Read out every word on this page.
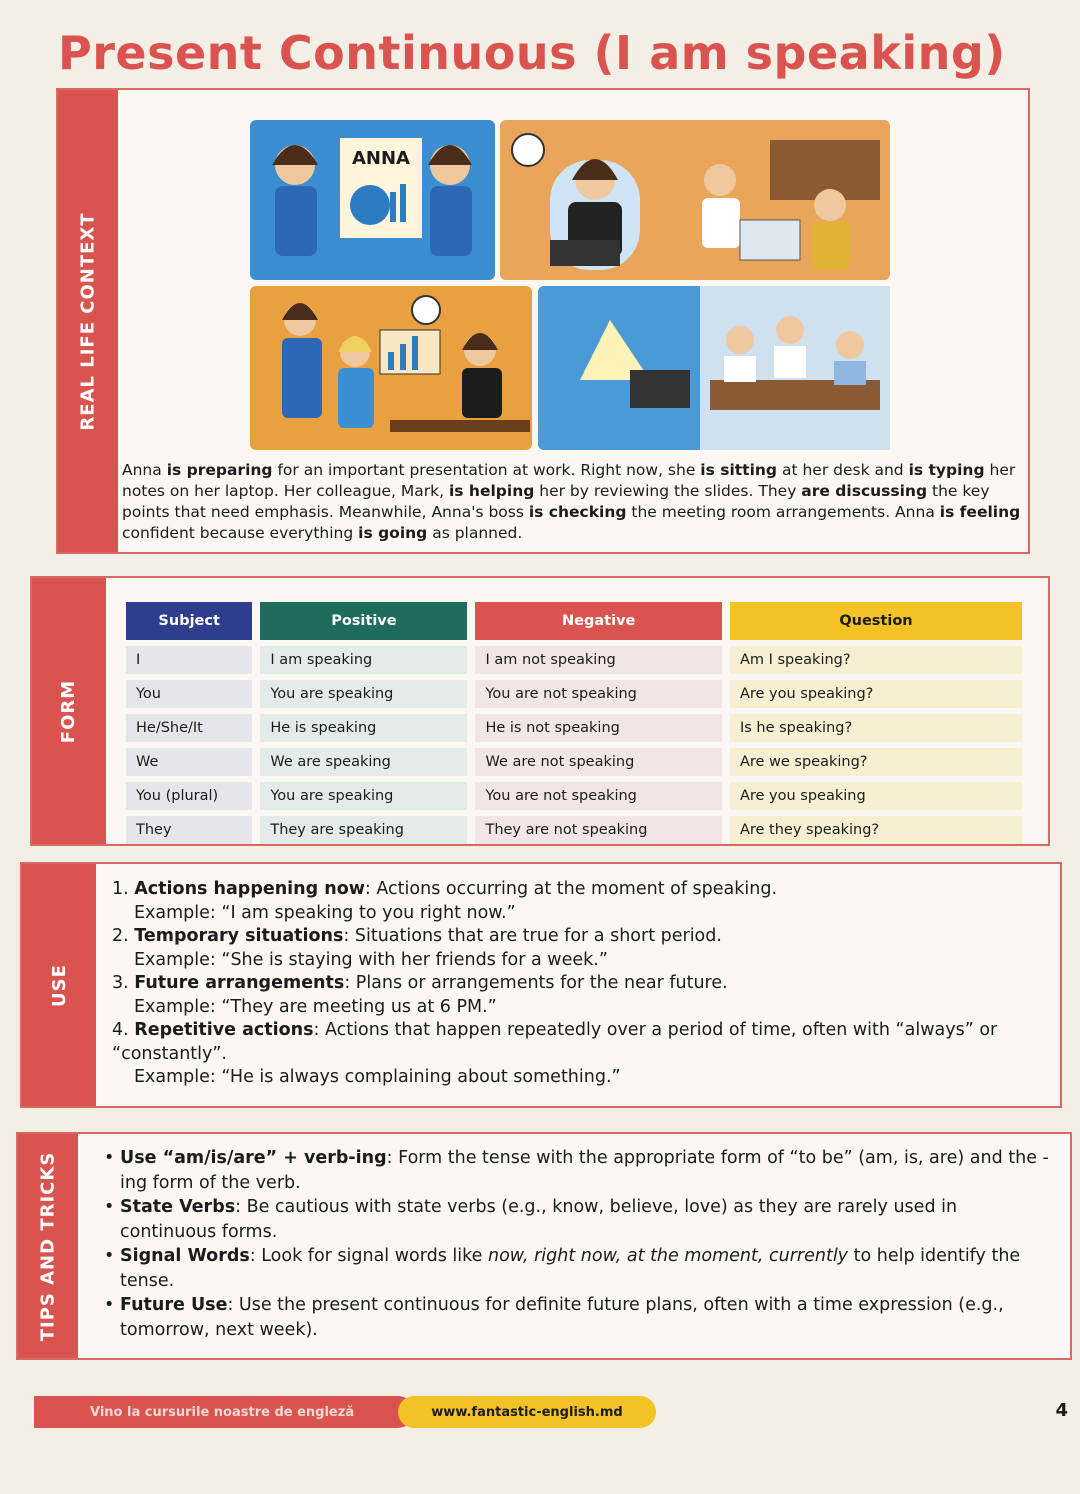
Present Continuous (I am speaking)
REAL LIFE CONTEXT
ANNA
Anna is preparing for an important presentation at work. Right now, she is sitting at her desk and is typing her notes on her laptop. Her colleague, Mark, is helping her by reviewing the slides. They are discussing the key points that need emphasis. Meanwhile, Anna's boss is checking the meeting room arrangements. Anna is feeling confident because everything is going as planned.
FORM
Subject	Positive	Negative	Question
I	I am speaking	I am not speaking	Am I speaking?
You	You are speaking	You are not speaking	Are you speaking?
He/She/It	He is speaking	He is not speaking	Is he speaking?
We	We are speaking	We are not speaking	Are we speaking?
You (plural)	You are speaking	You are not speaking	Are you speaking
They	They are speaking	They are not speaking	Are they speaking?
USE
1. Actions happening now: Actions occurring at the moment of speaking.
Example: “I am speaking to you right now.”
2. Temporary situations: Situations that are true for a short period.
Example: “She is staying with her friends for a week.”
3. Future arrangements: Plans or arrangements for the near future.
Example: “They are meeting us at 6 PM.”
4. Repetitive actions: Actions that happen repeatedly over a period of time, often with “always” or “constantly”.
Example: “He is always complaining about something.”
TIPS AND TRICKS	• Use “am/is/are” + verb-ing: Form the tense with the appropriate form of “to be” (am, is, are) and the -ing form of the verb.
• State Verbs: Be cautious with state verbs (e.g., know, believe, love) as they are rarely used in continuous forms.
• Signal Words: Look for signal words like now, right now, at the moment, currently to help identify the tense.
• Future Use: Use the present continuous for definite future plans, often with a time expression (e.g., tomorrow, next week).
Vino la cursurile noastre de engleză	www.fantastic-english.md	4
